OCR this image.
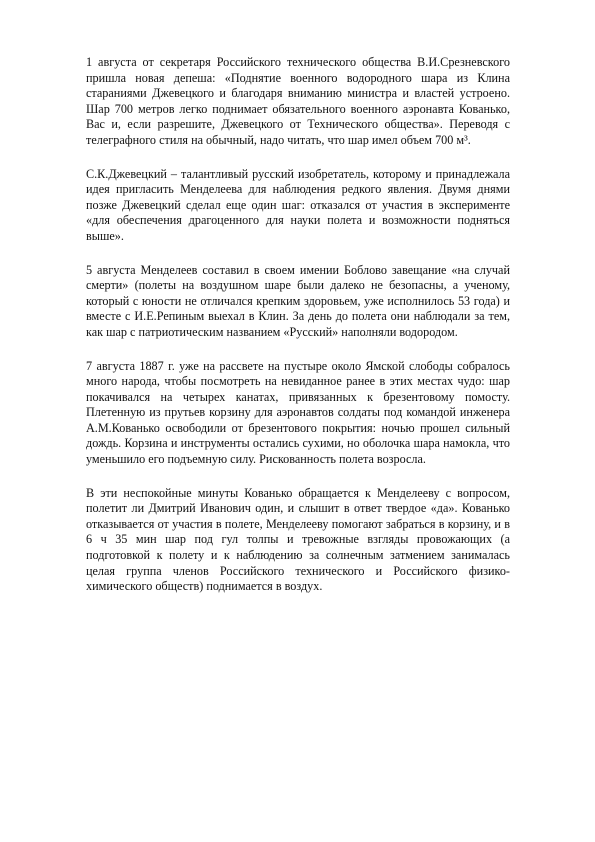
1 августа от секретаря Российского технического общества В.И.Срезневского пришла новая депеша: «Поднятие военного водородного шара из Клина стараниями Джевецкого и благодаря вниманию министра и властей устроено. Шар 700 метров легко поднимает обязательного военного аэронавта Кованько, Вас и, если разрешите, Джевецкого от Технического общества». Переводя с телеграфного стиля на обычный, надо читать, что шар имел объем 700 м³.

С.К.Джевецкий – талантливый русский изобретатель, которому и принадлежала идея пригласить Менделеева для наблюдения редкого явления. Двумя днями позже Джевецкий сделал еще один шаг: отказался от участия в эксперименте «для обеспечения драгоценного для науки полета и возможности подняться выше».

5 августа Менделеев составил в своем имении Боблово завещание «на случай смерти» (полеты на воздушном шаре были далеко не безопасны, а ученому, который с юности не отличался крепким здоровьем, уже исполнилось 53 года) и вместе с И.Е.Репиным выехал в Клин. За день до полета они наблюдали за тем, как шар с патриотическим названием «Русский» наполняли водородом.

7 августа 1887 г. уже на рассвете на пустыре около Ямской слободы собралось много народа, чтобы посмотреть на невиданное ранее в этих местах чудо: шар покачивался на четырех канатах, привязанных к брезентовому помосту. Плетенную из прутьев корзину для аэронавтов солдаты под командой инженера А.М.Кованько освободили от брезентового покрытия: ночью прошел сильный дождь. Корзина и инструменты остались сухими, но оболочка шара намокла, что уменьшило его подъемную силу. Рискованность полета возросла.

В эти неспокойные минуты Кованько обращается к Менделееву с вопросом, полетит ли Дмитрий Иванович один, и слышит в ответ твердое «да». Кованько отказывается от участия в полете, Менделееву помогают забраться в корзину, и в 6 ч 35 мин шар под гул толпы и тревожные взгляды провожающих (а подготовкой к полету и к наблюдению за солнечным затмением занималась целая группа членов Российского технического и Российского физико-химического обществ) поднимается в воздух.
